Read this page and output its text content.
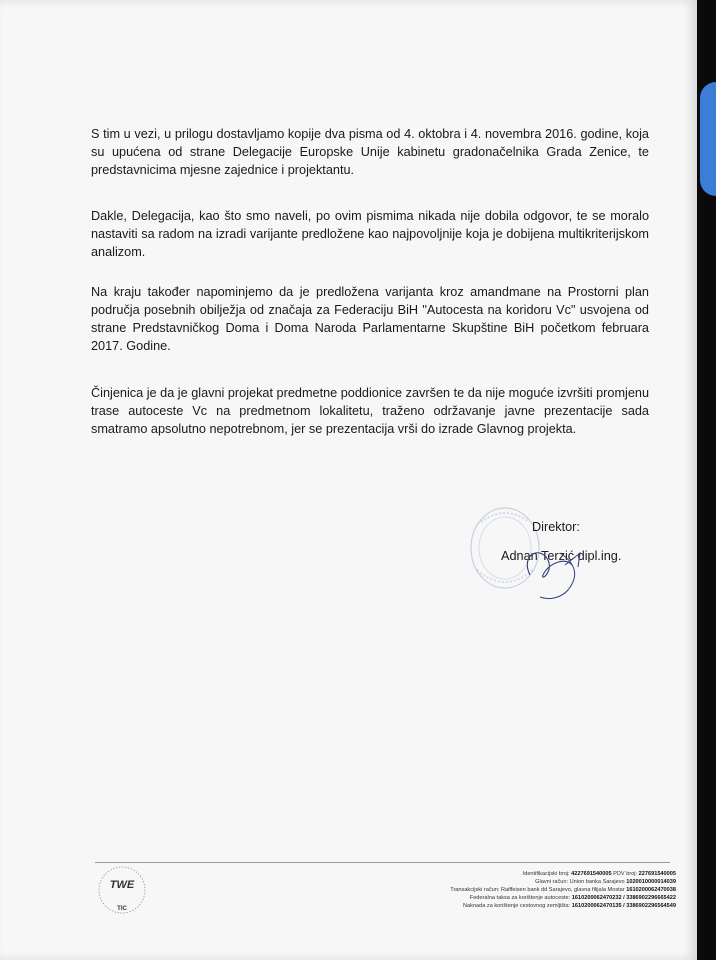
S tim u vezi, u prilogu dostavljamo kopije dva pisma od 4. oktobra i 4. novembra 2016. godine, koja su upućena od strane Delegacije Europske Unije kabinetu gradonačelnika Grada Zenice, te predstavnicima mjesne zajednice i projektantu.

Dakle, Delegacija, kao što smo naveli, po ovim pismima nikada nije dobila odgovor, te se moralo nastaviti sa radom na izradi varijante predložene kao najpovoljnije koja je dobijena multikriterijskom analizom.

Na kraju također napominjemo da je predložena varijanta kroz amandmane na Prostorni plan područja posebnih obilježja od značaja za Federaciju BiH "Autocesta na koridoru Vc" usvojena od strane Predstavničkog Doma i Doma Naroda Parlamentarne Skupštine BiH početkom februara 2017. Godine.

Činjenica je da je glavni projekat predmetne poddionice završen te da nije moguće izvršiti promjenu trase autoceste Vc na predmetnom lokalitetu, traženo održavanje javne prezentacije sada smatramo apsolutno nepotrebnom, jer se prezentacija vrši do izrade Glavnog projekta.

Direktor:
Adnan Terzić dipl.ing.
TWE
TIC
Identifikacijski broj: 4227691540005 PDV broj: 227691540005
Glavni račun: Union banka Sarajevo 1020010000014039
Transakcijski račun: Raiffeisen bank dd Sarajevo, glavna filijala Mostar 1610200062470038
Federalna taksa za korištenje autoceste: 1610200062470232 / 3386902296665422
Naknada za korištenje cestovnog zemljišta: 1610200062470135 / 3386902296564549
